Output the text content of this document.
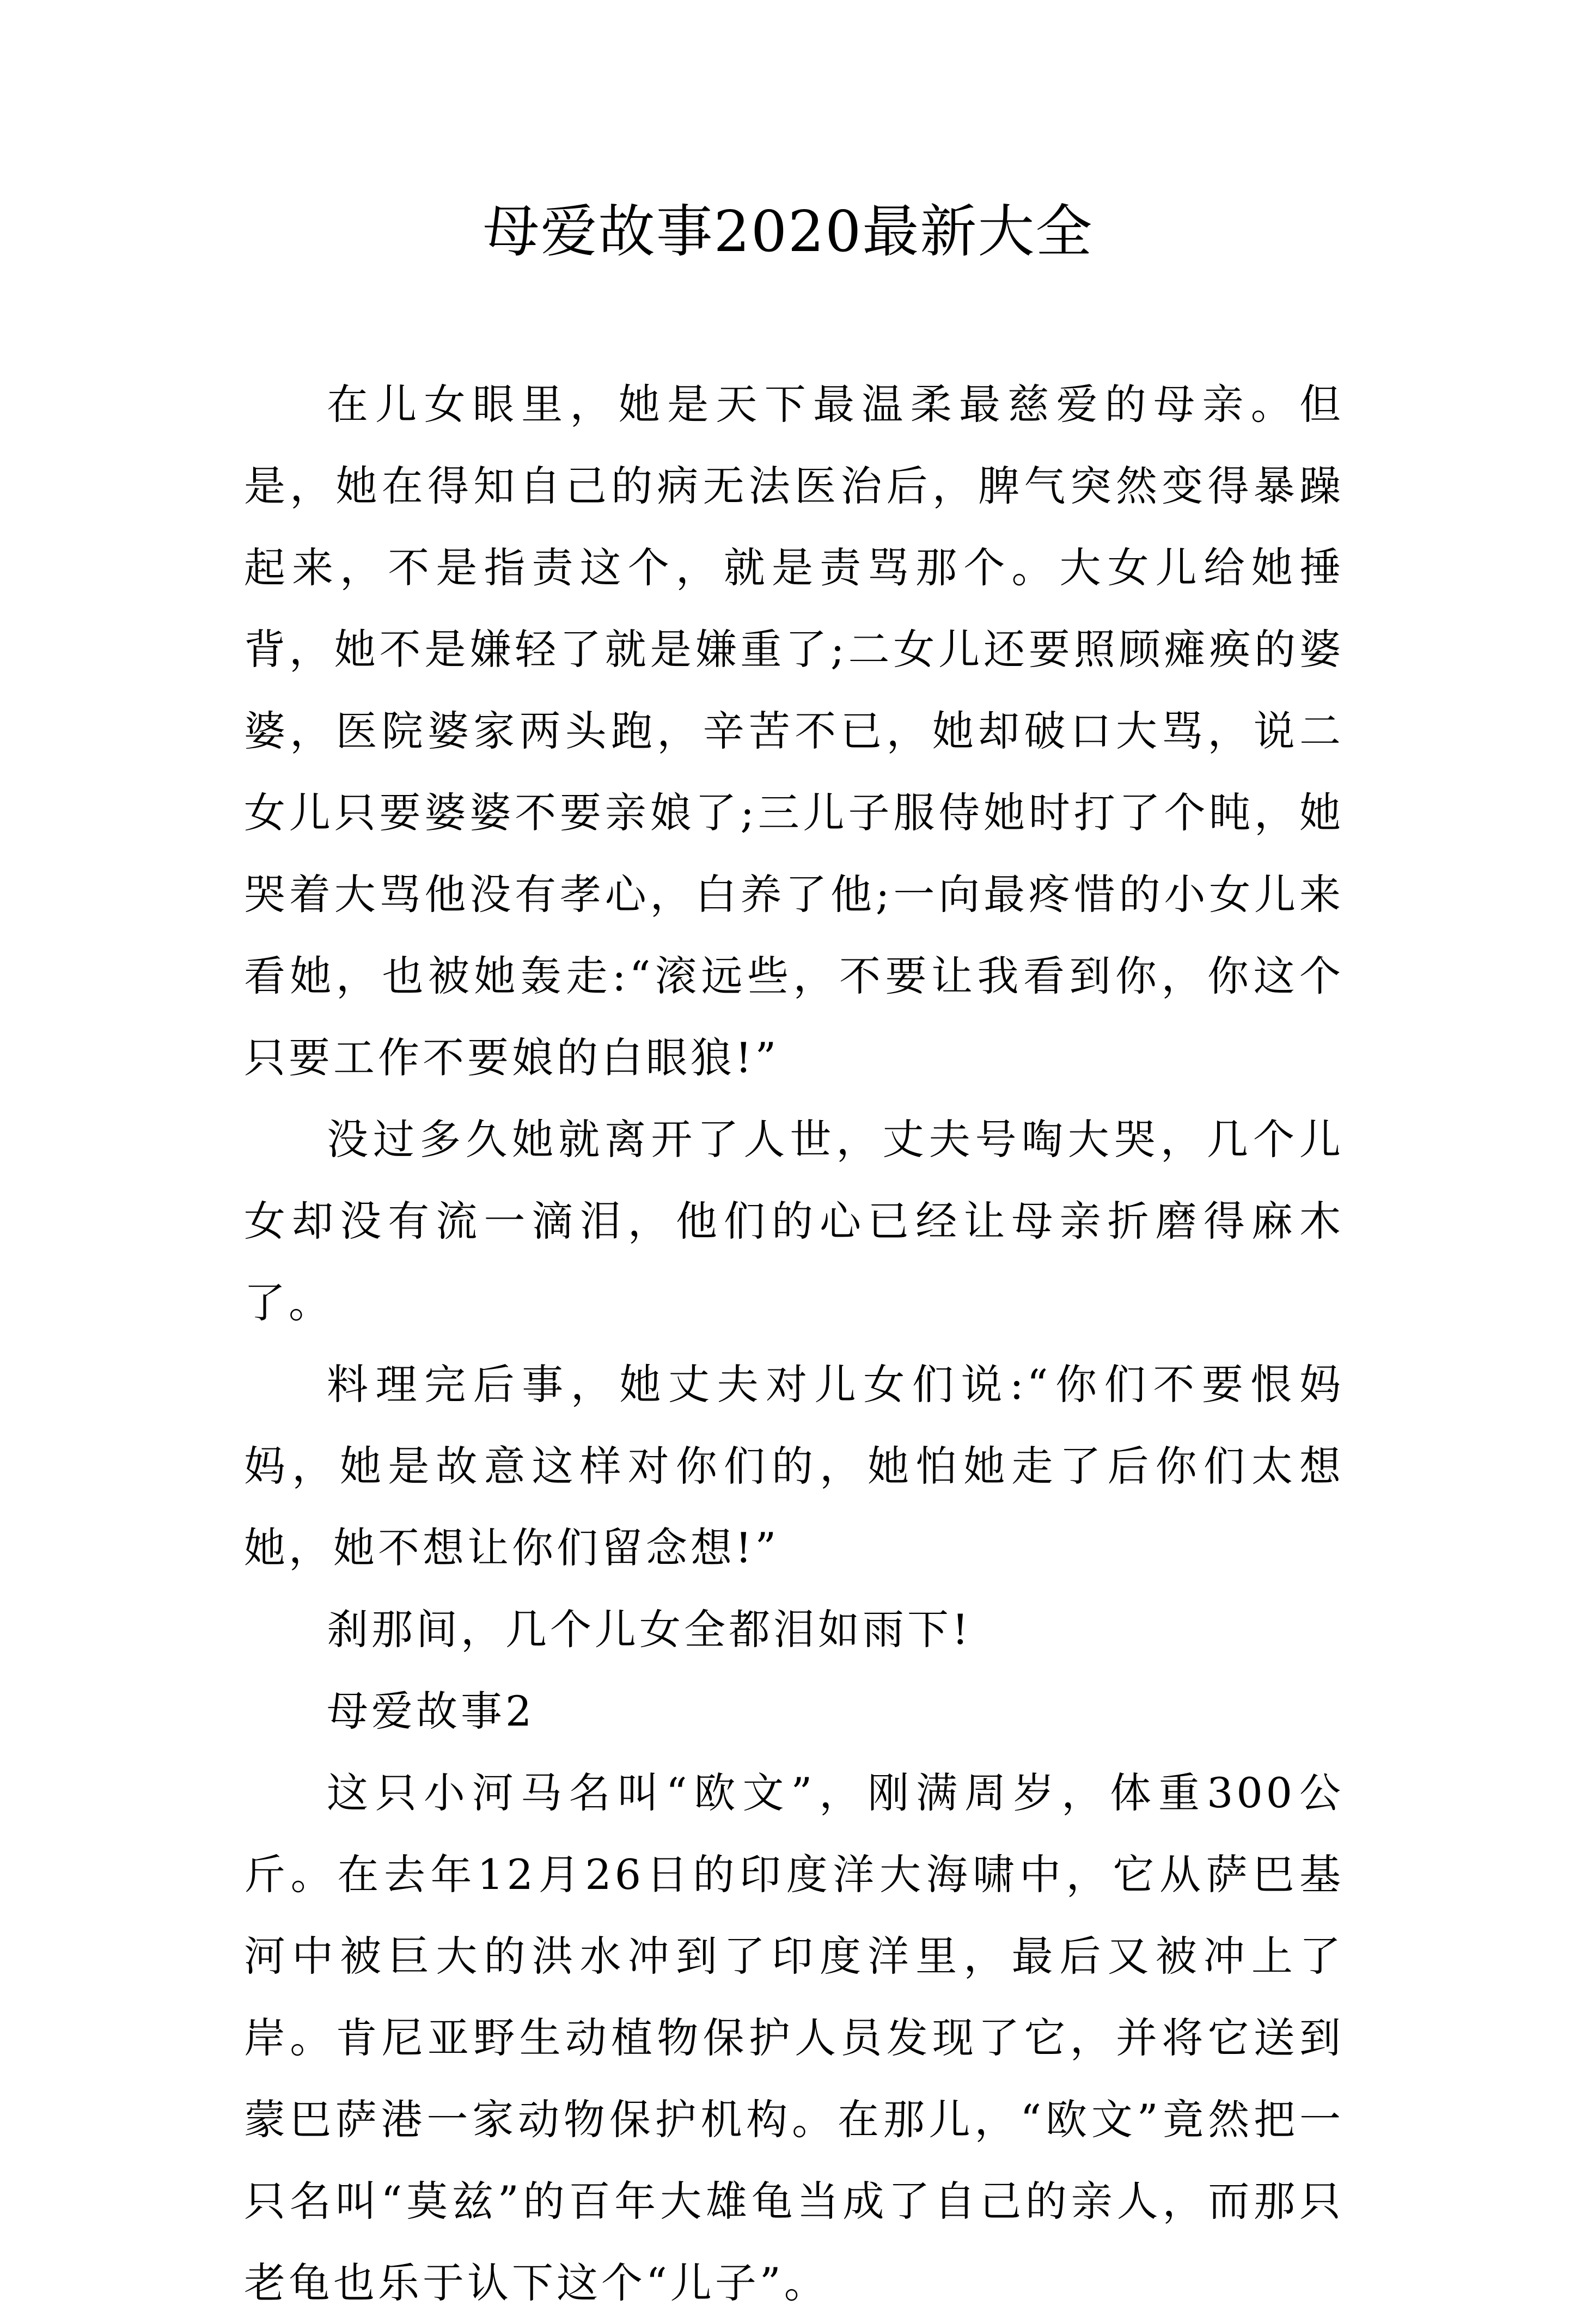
母爱故事2020最新大全

在儿女眼里，她是天下最温柔最慈爱的母亲。但是，她在得知自己的病无法医治后，脾气突然变得暴躁起来，不是指责这个，就是责骂那个。大女儿给她捶背，她不是嫌轻了就是嫌重了;二女儿还要照顾瘫痪的婆婆，医院婆家两头跑，辛苦不已，她却破口大骂，说二女儿只要婆婆不要亲娘了;三儿子服侍她时打了个盹，她哭着大骂他没有孝心，白养了他;一向最疼惜的小女儿来看她，也被她轰走:“滚远些，不要让我看到你，你这个只要工作不要娘的白眼狼!”

没过多久她就离开了人世，丈夫号啕大哭，几个儿女却没有流一滴泪，他们的心已经让母亲折磨得麻木了。

料理完后事，她丈夫对儿女们说:“你们不要恨妈妈，她是故意这样对你们的，她怕她走了后你们太想她，她不想让你们留念想!”

刹那间，几个儿女全都泪如雨下!

母爱故事2

这只小河马名叫“欧文”，刚满周岁，体重300公斤。在去年12月26日的印度洋大海啸中，它从萨巴基河中被巨大的洪水冲到了印度洋里，最后又被冲上了岸。肯尼亚野生动植物保护人员发现了它，并将它送到蒙巴萨港一家动物保护机构。在那儿，“欧文”竟然把一只名叫“莫兹”的百年大雄龟当成了自己的亲人，而那只老龟也乐于认下这个“儿子”。
